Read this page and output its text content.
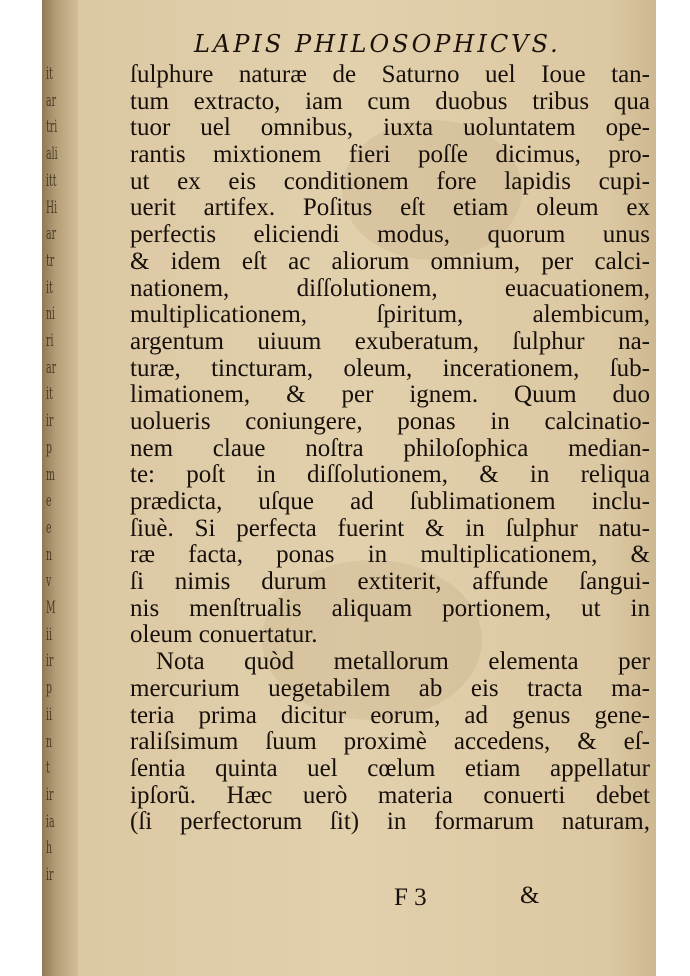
it
ar
tri
ali
itt
Hi
ar
tr
it
ni
ri
ar
it
ir
p
m
e
e
n
v
M
ii
ir
p
ii
n
t
ir
ia
h
ir
LAPIS PHILOSOPHICVS.
ſulphure naturæ de Saturno uel Ioue tan-
tum extracto, iam cum duobus tribus qua
tuor uel omnibus, iuxta uoluntatem ope-
rantis mixtionem fieri poſſe dicimus, pro-
ut ex eis conditionem fore lapidis cupi-
uerit artifex. Poſitus eſt etiam oleum ex
perfectis eliciendi modus, quorum unus
& idem eſt ac aliorum omnium, per calci-
nationem, diſſolutionem, euacuationem,
multiplicationem, ſpiritum, alembicum,
argentum uiuum exuberatum, ſulphur na-
turæ, tincturam, oleum, incerationem, ſub-
limationem, & per ignem. Quum duo
uolueris coniungere, ponas in calcinatio-
nem claue noſtra philoſophica median-
te: poſt in diſſolutionem, & in reliqua
prædicta, uſque ad ſublimationem inclu-
ſiuè. Si perfecta fuerint & in ſulphur natu-
ræ facta, ponas in multiplicationem, &
ſi nimis durum extiterit, affunde ſangui-
nis menſtrualis aliquam portionem, ut in
oleum conuertatur.
Nota quòd metallorum elementa per
mercurium uegetabilem ab eis tracta ma-
teria prima dicitur eorum, ad genus gene-
raliſsimum ſuum proximè accedens, & eſ-
ſentia quinta uel cœlum etiam appellatur
ipſorũ. Hæc uerò materia conuerti debet
(ſi perfectorum ſit) in formarum naturam,
F 3	&
